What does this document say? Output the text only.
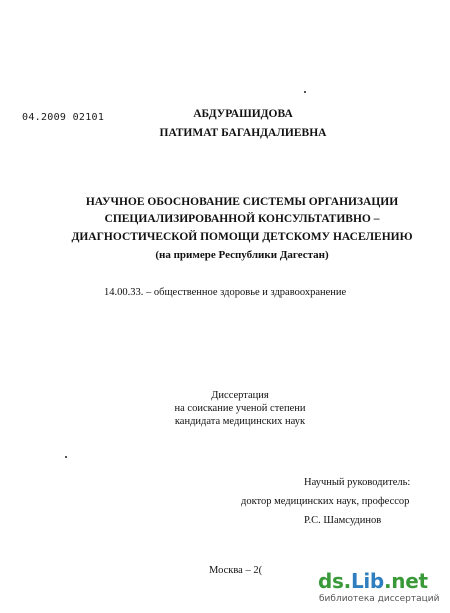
04.2009 02101	АБДУРАШИДОВА
ПАТИМАТ БАГАНДАЛИЕВНА
НАУЧНОЕ ОБОСНОВАНИЕ СИСТЕМЫ ОРГАНИЗАЦИИ
СПЕЦИАЛИЗИРОВАННОЙ КОНСУЛЬТАТИВНО –
ДИАГНОСТИЧЕСКОЙ ПОМОЩИ ДЕТСКОМУ НАСЕЛЕНИЮ
(на примере Республики Дагестан)
14.00.33. – общественное здоровье и здравоохранение
Диссертация
на соискание ученой степени
кандидата медицинских наук
Научный руководитель:
доктор медицинских наук, профессор
Р.С. Шамсудинов
Москва – 2(	ds.Lib.net
библиотека диссертаций
